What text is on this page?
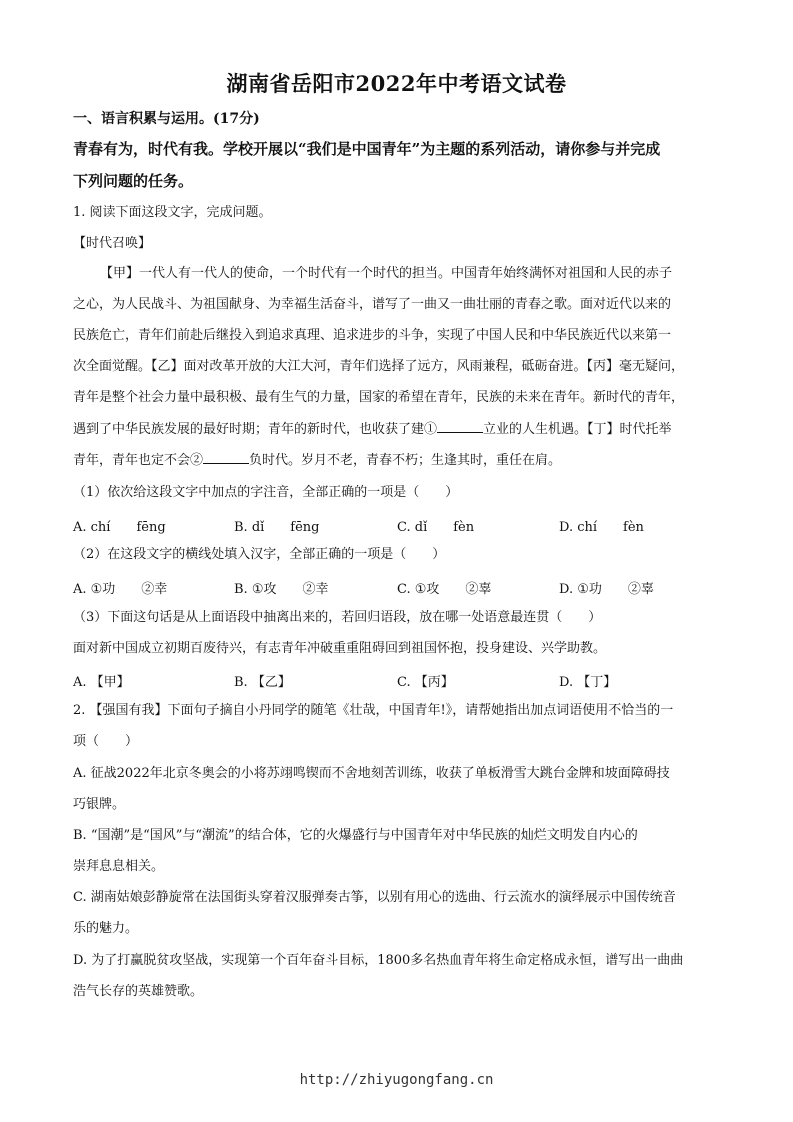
湖南省岳阳市2022年中考语文试卷
一、语言积累与运用。(17分)
青春有为，时代有我。学校开展以“我们是中国青年”为主题的系列活动，请你参与并完成
下列问题的任务。
1. 阅读下面这段文字，完成问题。
【时代召唤】
【甲】一代人有一代人的使命，一个时代有一个时代的担当。中国青年始终满怀对祖国和人民的赤子
之心，为人民战斗、为祖国献身、为幸福生活奋斗，谱写了一曲又一曲壮丽的青春之歌。面对近代以来的
民族危亡，青年们前赴后继投入到追求真理、追求进步的斗争，实现了中国人民和中华民族近代以来第一
次全面觉醒。【乙】面对改革开放的大江大河，青年们选择了远方，风雨兼程，砥砺奋进。【丙】毫无疑问，
青年是整个社会力量中最积极、最有生气的力量，国家的希望在青年，民族的未来在青年。新时代的青年，
遇到了中华民族发展的最好时期；青年的新时代，也收获了建①	立业的人生机遇。【丁】时代托举
青年，青年也定不会②	负时代。岁月不老，青春不朽；生逢其时，重任在肩。
（1）依次给这段文字中加点的字注音，全部正确的一项是（　　）
A. chí　　fēng	B. dǐ　　fēng	C. dǐ　　fèn	D. chí　　fèn
（2）在这段文字的横线处填入汉字，全部正确的一项是（　　）
A. ①功　　②幸	B. ①攻　　②幸	C. ①攻　　②辜	D. ①功　　②辜
（3）下面这句话是从上面语段中抽离出来的，若回归语段，放在哪一处语意最连贯（　　）
面对新中国成立初期百废待兴，有志青年冲破重重阻碍回到祖国怀抱，投身建设、兴学助教。
A. 【甲】	B. 【乙】	C. 【丙】	D. 【丁】
2. 【强国有我】下面句子摘自小丹同学的随笔《壮哉，中国青年!》，请帮她指出加点词语使用不恰当的一
项（　　）
A. 征战2022年北京冬奥会的小将苏翊鸣锲而不舍地刻苦训练，收获了单板滑雪大跳台金牌和坡面障碍技
巧银牌。
B. “国潮”是“国风”与“潮流”的结合体，它的火爆盛行与中国青年对中华民族的灿烂文明发自内心的
崇拜息息相关。
C. 湖南姑娘彭静旋常在法国街头穿着汉服弹奏古筝，以别有用心的选曲、行云流水的演绎展示中国传统音
乐的魅力。
D. 为了打赢脱贫攻坚战，实现第一个百年奋斗目标，1800多名热血青年将生命定格成永恒，谱写出一曲曲
浩气长存的英雄赞歌。
http://zhiyugongfang.cn
